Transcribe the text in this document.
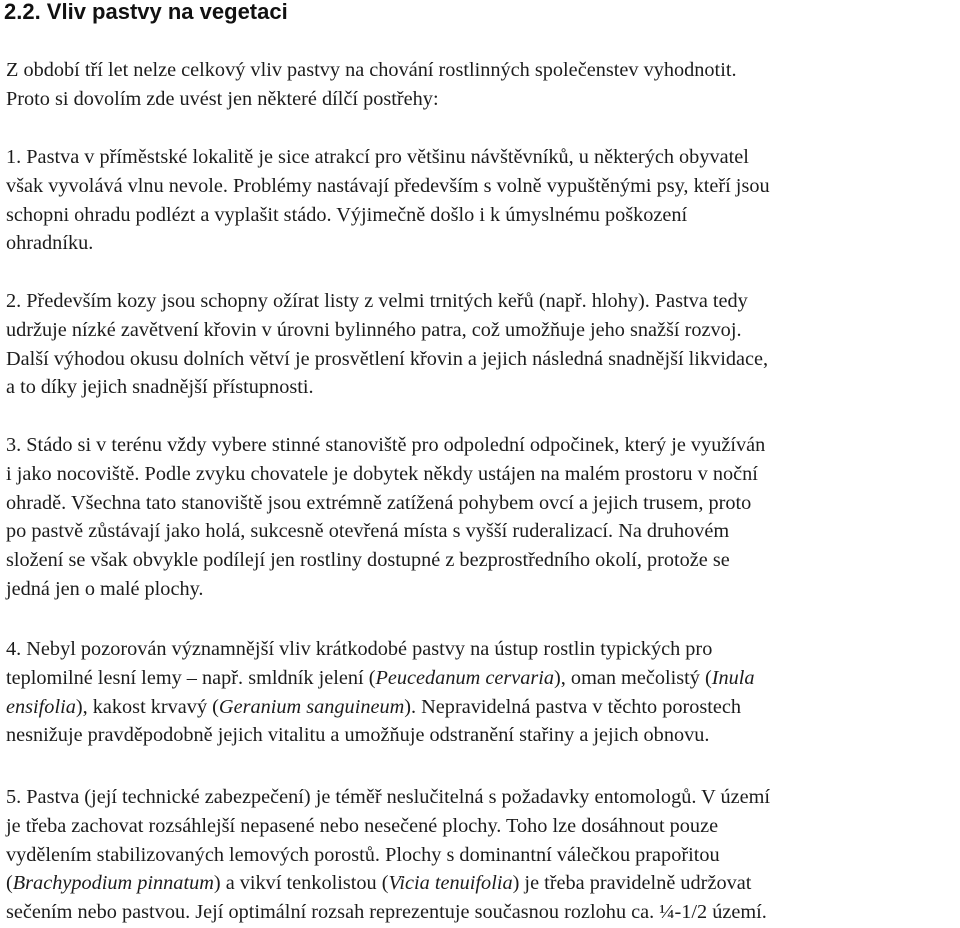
2.2. Vliv pastvy na vegetaci

Z období tří let nelze celkový vliv pastvy na chování rostlinných společenstev vyhodnotit.
Proto si dovolím zde uvést jen některé dílčí postřehy:

1. Pastva v příměstské lokalitě je sice atrakcí pro většinu návštěvníků, u některých obyvatel
však vyvolává vlnu nevole. Problémy nastávají především s volně vypuštěnými psy, kteří jsou
schopni ohradu podlézt a vyplašit stádo. Výjimečně došlo i k úmyslnému poškození
ohradníku.

2. Především kozy jsou schopny ožírat listy z velmi trnitých keřů (např. hlohy). Pastva tedy
udržuje nízké zavětvení křovin v úrovni bylinného patra, což umožňuje jeho snažší rozvoj.
Další výhodou okusu dolních větví je prosvětlení křovin a jejich následná snadnější likvidace,
a to díky jejich snadnější přístupnosti.

3. Stádo si v terénu vždy vybere stinné stanoviště pro odpolední odpočinek, který je využíván
i jako nocoviště. Podle zvyku chovatele je dobytek někdy ustájen na malém prostoru v noční
ohradě. Všechna tato stanoviště jsou extrémně zatížená pohybem ovcí a jejich trusem, proto
po pastvě zůstávají jako holá, sukcesně otevřená místa s vyšší ruderalizací. Na druhovém
složení se však obvykle podílejí jen rostliny dostupné z bezprostředního okolí, protože se
jedná jen o malé plochy.

4. Nebyl pozorován významnější vliv krátkodobé pastvy na ústup rostlin typických pro
teplomilné lesní lemy – např. smldník jelení (Peucedanum cervaria), oman mečolistý (Inula
ensifolia), kakost krvavý (Geranium sanguineum). Nepravidelná pastva v těchto porostech
nesnižuje pravděpodobně jejich vitalitu a umožňuje odstranění stařiny a jejich obnovu.

5. Pastva (její technické zabezpečení) je téměř neslučitelná s požadavky entomologů. V území
je třeba zachovat rozsáhlejší nepasené nebo nesečené plochy. Toho lze dosáhnout pouze
vydělením stabilizovaných lemových porostů. Plochy s dominantní válečkou prapořitou
(Brachypodium pinnatum) a vikví tenkolistou (Vicia tenuifolia) je třeba pravidelně udržovat
sečením nebo pastvou. Její optimální rozsah reprezentuje současnou rozlohu ca. ¼-1/2 území.
